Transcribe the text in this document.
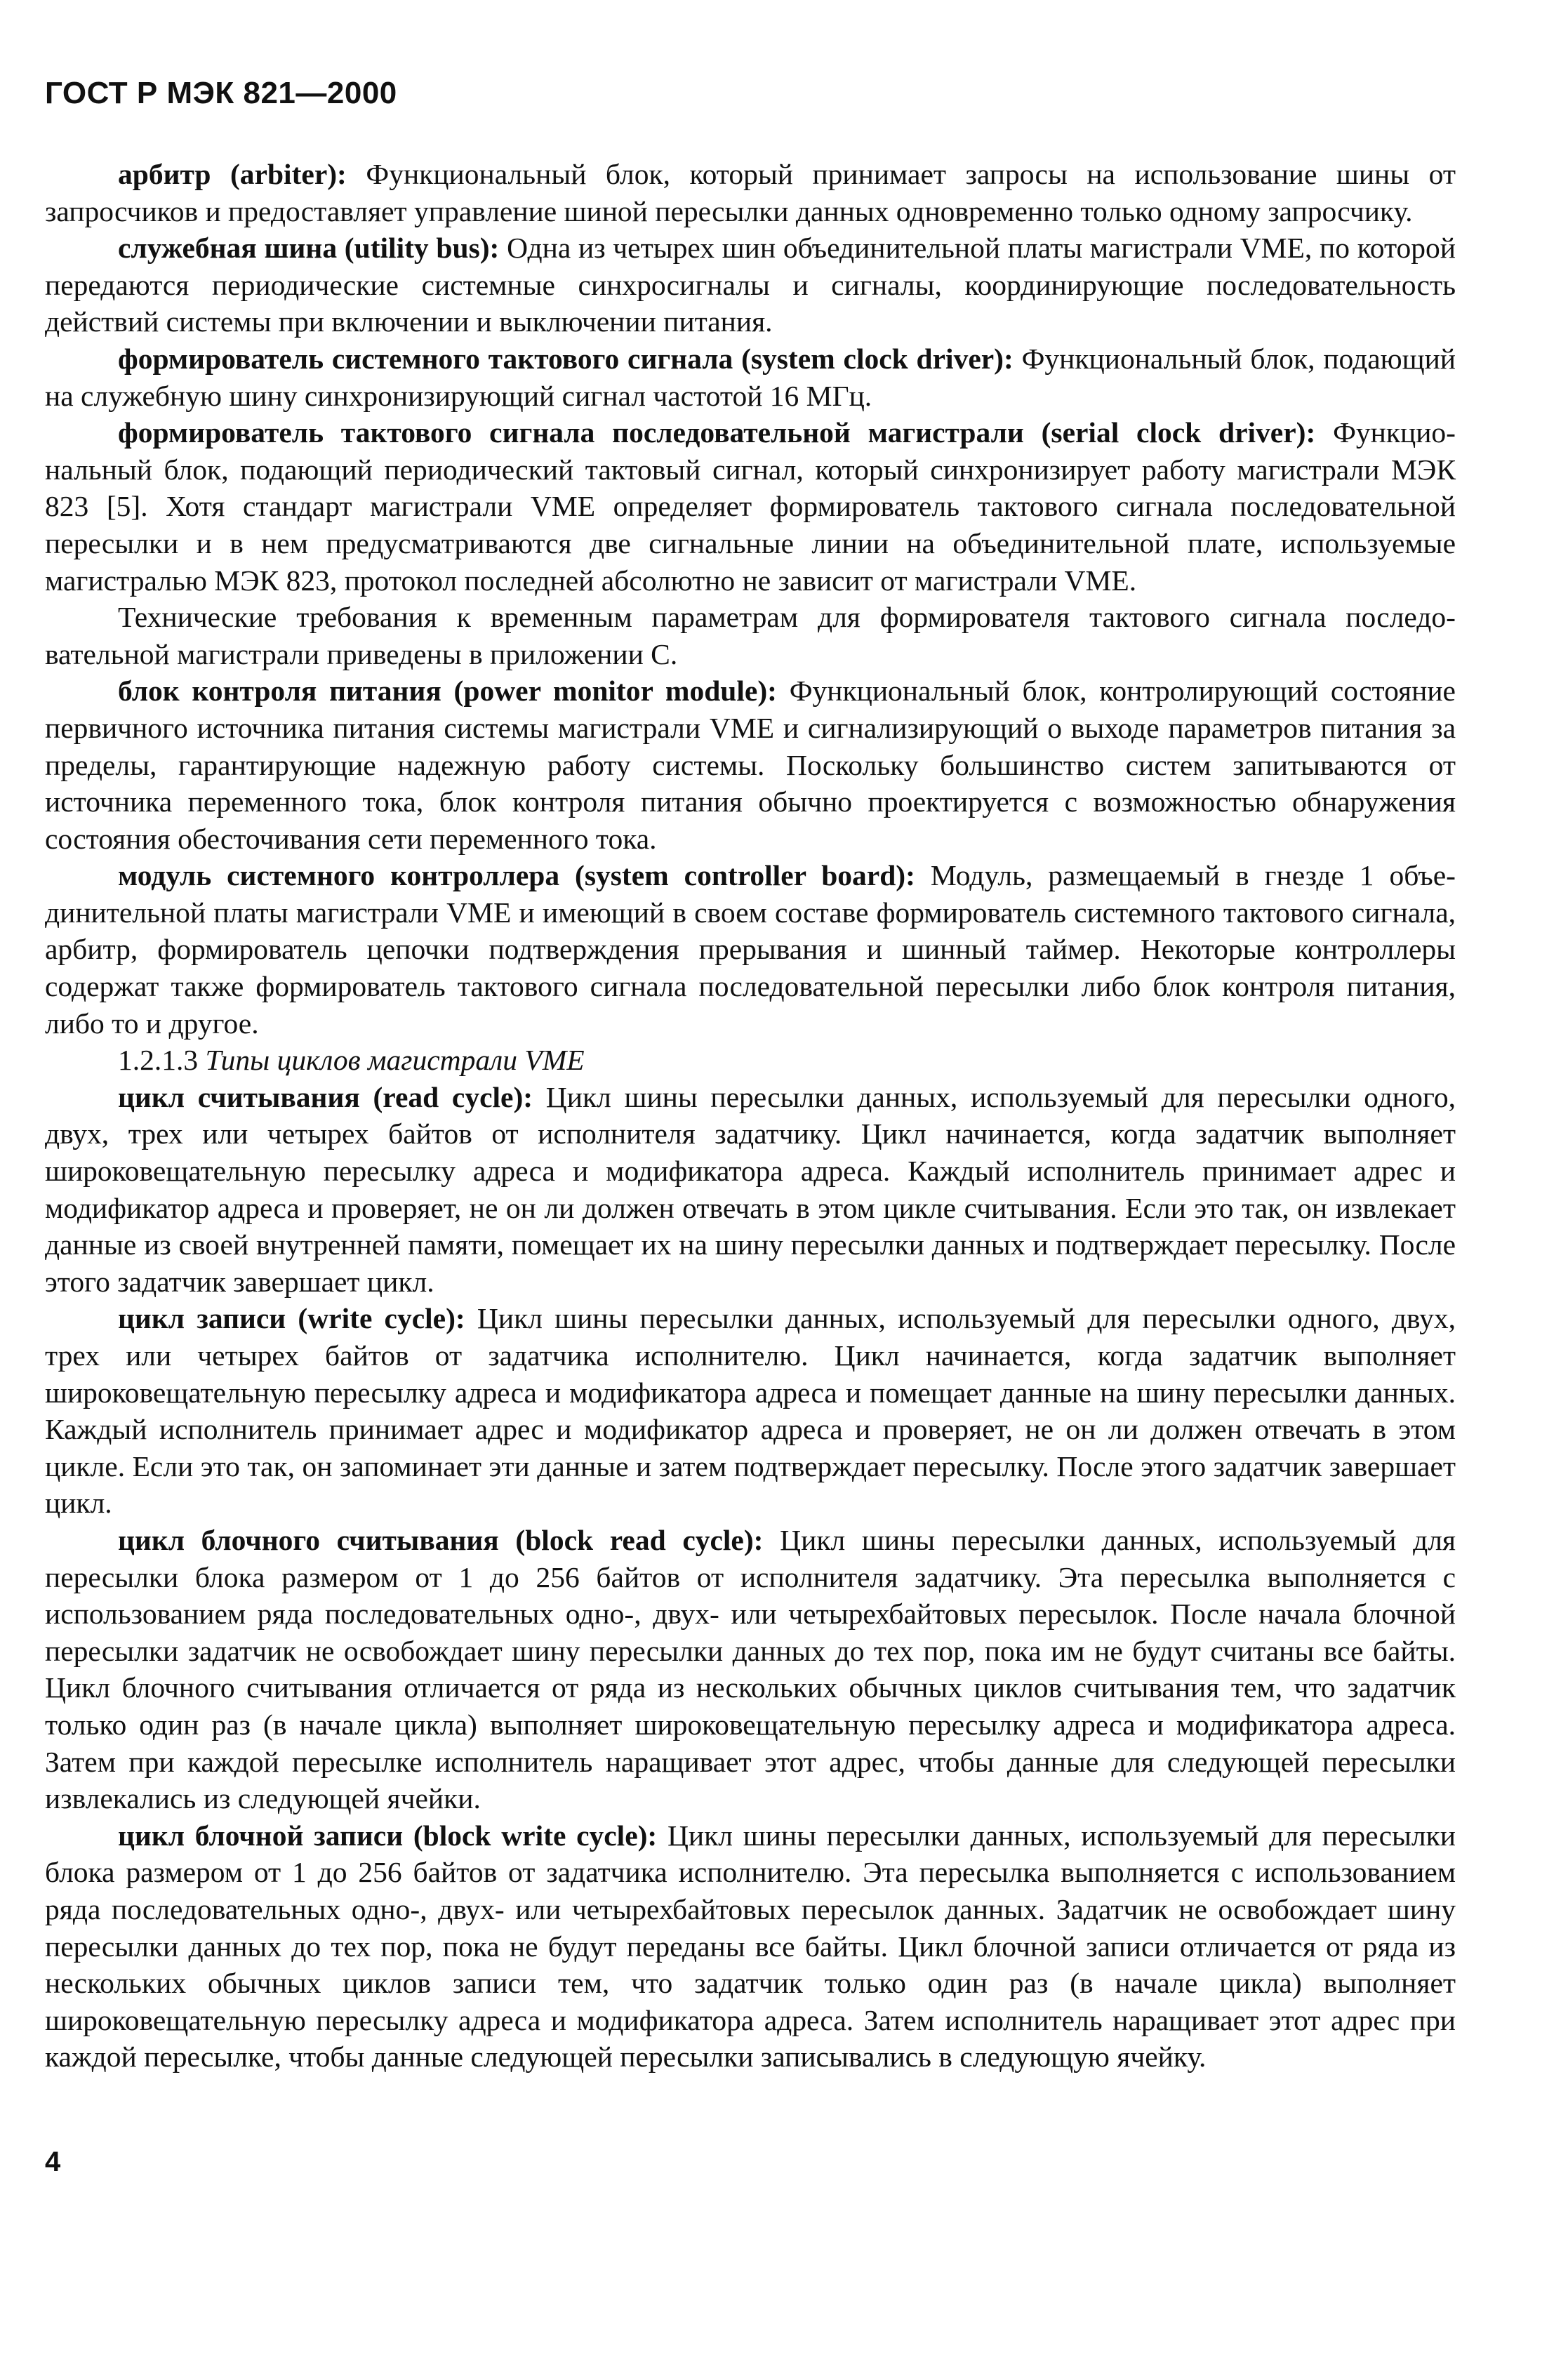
ГОСТ Р МЭК 821—2000

арбитр (arbiter): Функциональный блок, который принимает запросы на использование шины от запросчиков и предоставляет управление шиной пересылки данных одновременно только одному запросчику.

служебная шина (utility bus): Одна из четырех шин объединительной платы магистрали VME, по которой передаются периодические системные синхросигналы и сигналы, координирующие последовательность действий системы при включении и выключении питания.

формирователь системного тактового сигнала (system clock driver): Функциональный блок, подающий на служебную шину синхронизирующий сигнал частотой 16 МГц.

формирователь тактового сигнала последовательной магистрали (serial clock driver): Функциональный блок, подающий периодический тактовый сигнал, который синхронизирует работу магистрали МЭК 823 [5]. Хотя стандарт магистрали VME определяет формирователь тактового сигнала последовательной пересылки и в нем предусматриваются две сигнальные линии на объединительной плате, используемые магистралью МЭК 823, протокол последней абсолютно не зависит от магистрали VME.

Технические требования к временным параметрам для формирователя тактового сигнала последовательной магистрали приведены в приложении С.

блок контроля питания (power monitor module): Функциональный блок, контролирующий состояние первичного источника питания системы магистрали VME и сигнализирующий о выходе параметров питания за пределы, гарантирующие надежную работу системы. Поскольку большинство систем запитываются от источника переменного тока, блок контроля питания обычно проектируется с возможностью обнаружения состояния обесточивания сети переменного тока.

модуль системного контроллера (system controller board): Модуль, размещаемый в гнезде 1 объединительной платы магистрали VME и имеющий в своем составе формирователь системного тактового сигнала, арбитр, формирователь цепочки подтверждения прерывания и шинный таймер. Некоторые контроллеры содержат также формирователь тактового сигнала последовательной пересылки либо блок контроля питания, либо то и другое.

1.2.1.3 Типы циклов магистрали VME

цикл считывания (read cycle): Цикл шины пересылки данных, используемый для пересылки одного, двух, трех или четырех байтов от исполнителя задатчику. Цикл начинается, когда задатчик выполняет широковещательную пересылку адреса и модификатора адреса. Каждый исполнитель принимает адрес и модификатор адреса и проверяет, не он ли должен отвечать в этом цикле считывания. Если это так, он извлекает данные из своей внутренней памяти, помещает их на шину пересылки данных и подтверждает пересылку. После этого задатчик завершает цикл.

цикл записи (write cycle): Цикл шины пересылки данных, используемый для пересылки одного, двух, трех или четырех байтов от задатчика исполнителю. Цикл начинается, когда задатчик выполняет широковещательную пересылку адреса и модификатора адреса и помещает данные на шину пересылки данных. Каждый исполнитель принимает адрес и модификатор адреса и проверяет, не он ли должен отвечать в этом цикле. Если это так, он запоминает эти данные и затем подтверждает пересылку. После этого задатчик завершает цикл.

цикл блочного считывания (block read cycle): Цикл шины пересылки данных, используемый для пересылки блока размером от 1 до 256 байтов от исполнителя задатчику. Эта пересылка выполняется с использованием ряда последовательных одно-, двух- или четырехбайтовых пересылок. После начала блочной пересылки задатчик не освобождает шину пересылки данных до тех пор, пока им не будут считаны все байты. Цикл блочного считывания отличается от ряда из нескольких обычных циклов считывания тем, что задатчик только один раз (в начале цикла) выполняет широковещательную пересылку адреса и модификатора адреса. Затем при каждой пересылке исполнитель наращивает этот адрес, чтобы данные для следующей пересылки извлекались из следующей ячейки.

цикл блочной записи (block write cycle): Цикл шины пересылки данных, используемый для пересылки блока размером от 1 до 256 байтов от задатчика исполнителю. Эта пересылка выполняется с использованием ряда последовательных одно-, двух- или четырехбайтовых пересылок данных. Задатчик не освобождает шину пересылки данных до тех пор, пока не будут переданы все байты. Цикл блочной записи отличается от ряда из нескольких обычных циклов записи тем, что задатчик только один раз (в начале цикла) выполняет широковещательную пересылку адреса и модификатора адреса. Затем исполнитель наращивает этот адрес при каждой пересылке, чтобы данные следующей пересылки записывались в следующую ячейку.

4
